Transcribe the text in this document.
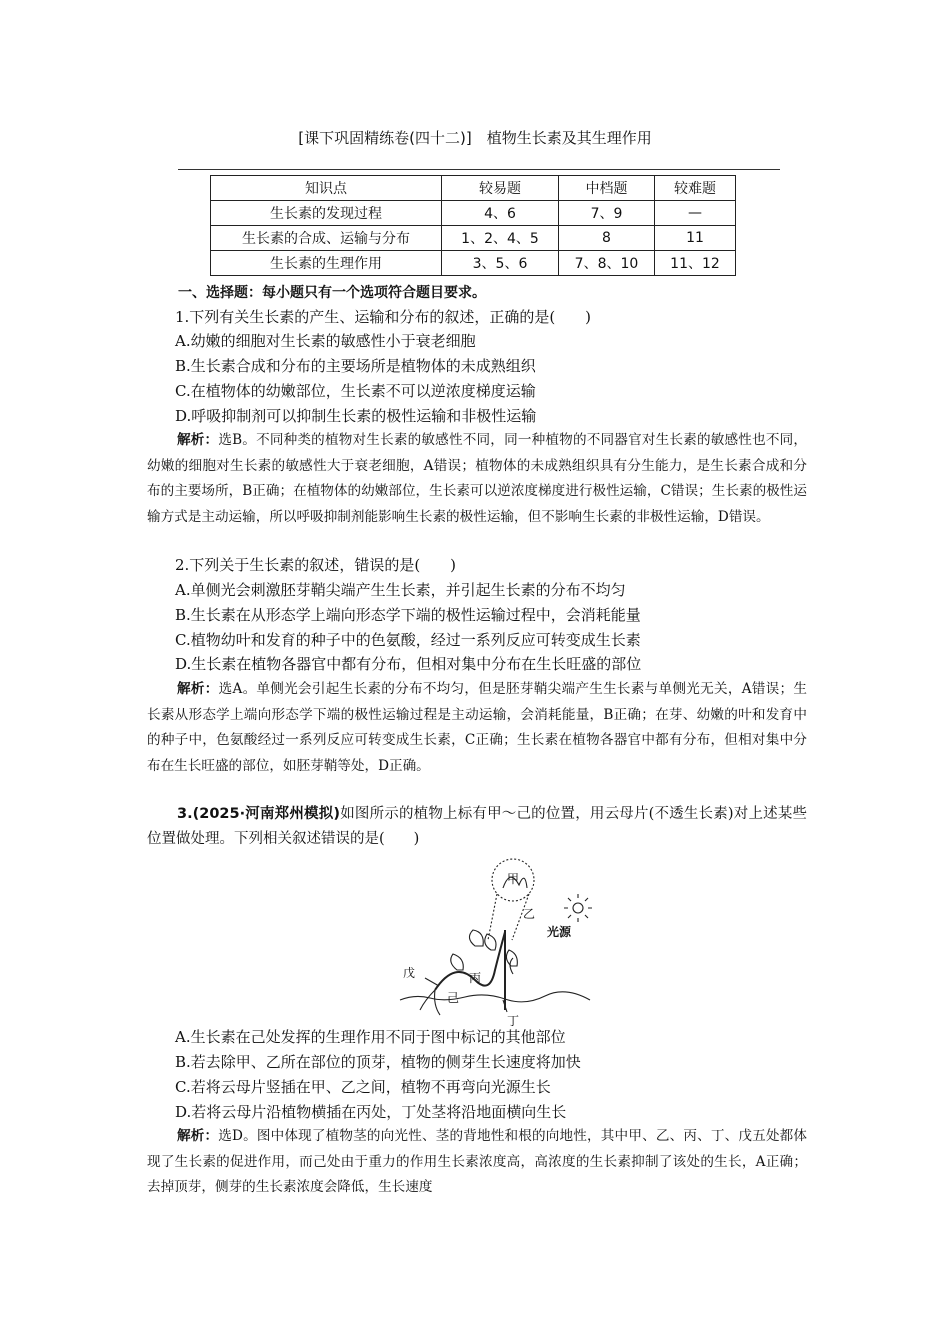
[课下巩固精练卷(四十二)]　植物生长素及其生理作用
知识点	较易题	中档题	较难题
生长素的发现过程	4、6	7、9	—
生长素的合成、运输与分布	1、2、4、5	8	11
生长素的生理作用	3、5、6	7、8、10	11、12
一、选择题：每小题只有一个选项符合题目要求。
1.下列有关生长素的产生、运输和分布的叙述，正确的是(　　)
A.幼嫩的细胞对生长素的敏感性小于衰老细胞
B.生长素合成和分布的主要场所是植物体的未成熟组织
C.在植物体的幼嫩部位，生长素不可以逆浓度梯度运输
D.呼吸抑制剂可以抑制生长素的极性运输和非极性运输
解析：选B。不同种类的植物对生长素的敏感性不同，同一种植物的不同器官对生长素的敏感性也不同，幼嫩的细胞对生长素的敏感性大于衰老细胞，A错误；植物体的未成熟组织具有分生能力，是生长素合成和分布的主要场所，B正确；在植物体的幼嫩部位，生长素可以逆浓度梯度进行极性运输，C错误；生长素的极性运输方式是主动运输，所以呼吸抑制剂能影响生长素的极性运输，但不影响生长素的非极性运输，D错误。
2.下列关于生长素的叙述，错误的是(　　)
A.单侧光会刺激胚芽鞘尖端产生生长素，并引起生长素的分布不均匀
B.生长素在从形态学上端向形态学下端的极性运输过程中，会消耗能量
C.植物幼叶和发育的种子中的色氨酸，经过一系列反应可转变成生长素
D.生长素在植物各器官中都有分布，但相对集中分布在生长旺盛的部位
解析：选A。单侧光会引起生长素的分布不均匀，但是胚芽鞘尖端产生生长素与单侧光无关，A错误；生长素从形态学上端向形态学下端的极性运输过程是主动运输，会消耗能量，B正确；在芽、幼嫩的叶和发育中的种子中，色氨酸经过一系列反应可转变成生长素，C正确；生长素在植物各器官中都有分布，但相对集中分布在生长旺盛的部位，如胚芽鞘等处，D正确。
3.(2025·河南郑州模拟)如图所示的植物上标有甲～己的位置，用云母片(不透生长素)对上述某些位置做处理。下列相关叙述错误的是(　　)
甲
乙
丙
丁
戊
己
光源
A.生长素在己处发挥的生理作用不同于图中标记的其他部位
B.若去除甲、乙所在部位的顶芽，植物的侧芽生长速度将加快
C.若将云母片竖插在甲、乙之间，植物不再弯向光源生长
D.若将云母片沿植物横插在丙处，丁处茎将沿地面横向生长
解析：选D。图中体现了植物茎的向光性、茎的背地性和根的向地性，其中甲、乙、丙、丁、戊五处都体现了生长素的促进作用，而己处由于重力的作用生长素浓度高，高浓度的生长素抑制了该处的生长，A正确；去掉顶芽，侧芽的生长素浓度会降低，生长速度
